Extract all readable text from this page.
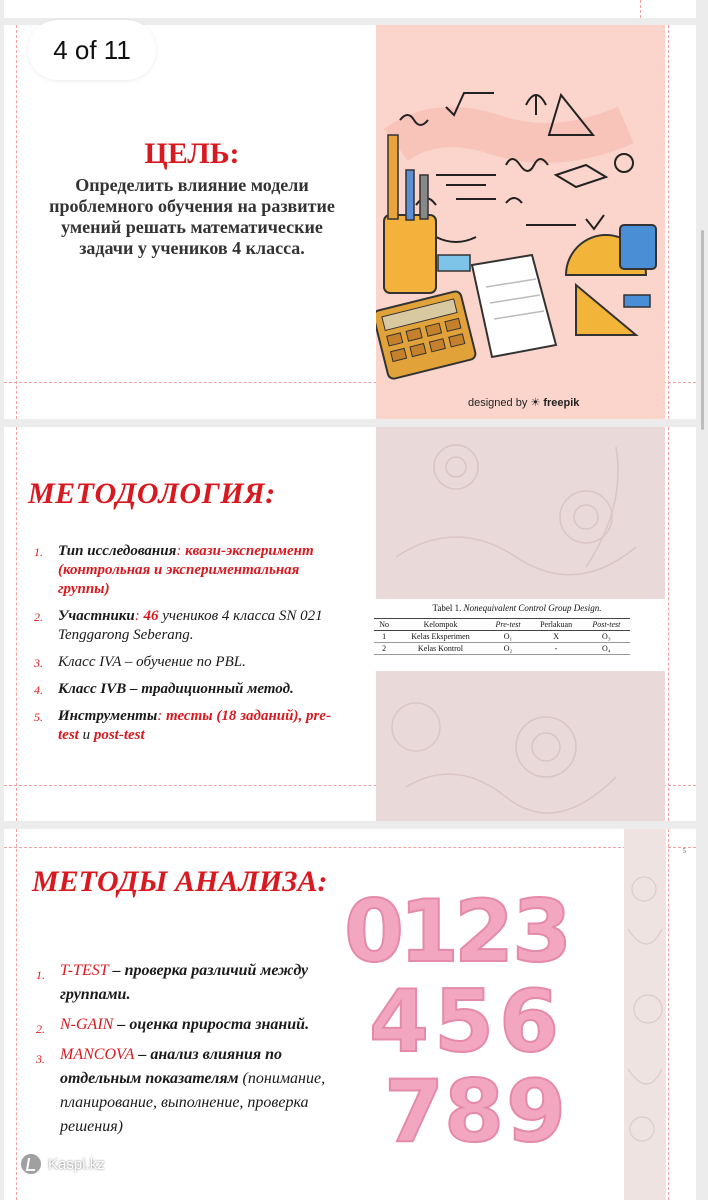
4 of 11
ЦЕЛЬ:
Определить влияние модели проблемного обучения на развитие умений решать математические задачи у учеников 4 класса.
designed by ☀ freepik
МЕТОДОЛОГИЯ:
1. Тип исследования: квази-эксперимент (контрольная и экспериментальная группы)
2. Участники: 46 учеников 4 класса SN 021 Tenggarong Seberang.
3. Класс IVA – обучение по PBL.
4. Класс IVB – традиционный метод.
5. Инструменты: тесты (18 заданий), pre-test и post-test
Tabel 1. Nonequivalent Control Group Design.
No	Kelompok	Pre-test	Perlakuan	Post-test
1	Kelas Eksperimen	O₁	X	O₃
2	Kelas Kontrol	O₂	-	O₄
5
МЕТОДЫ АНАЛИЗА:
1. T-TEST – проверка различий между группами.
2. N-GAIN – оценка прироста знаний.
3. MANCOVA – анализ влияния по отдельным показателям (понимание, планирование, выполнение, проверка решения)
0
1
2
3
4 5 6
7 8 9
Kaspi.kz
